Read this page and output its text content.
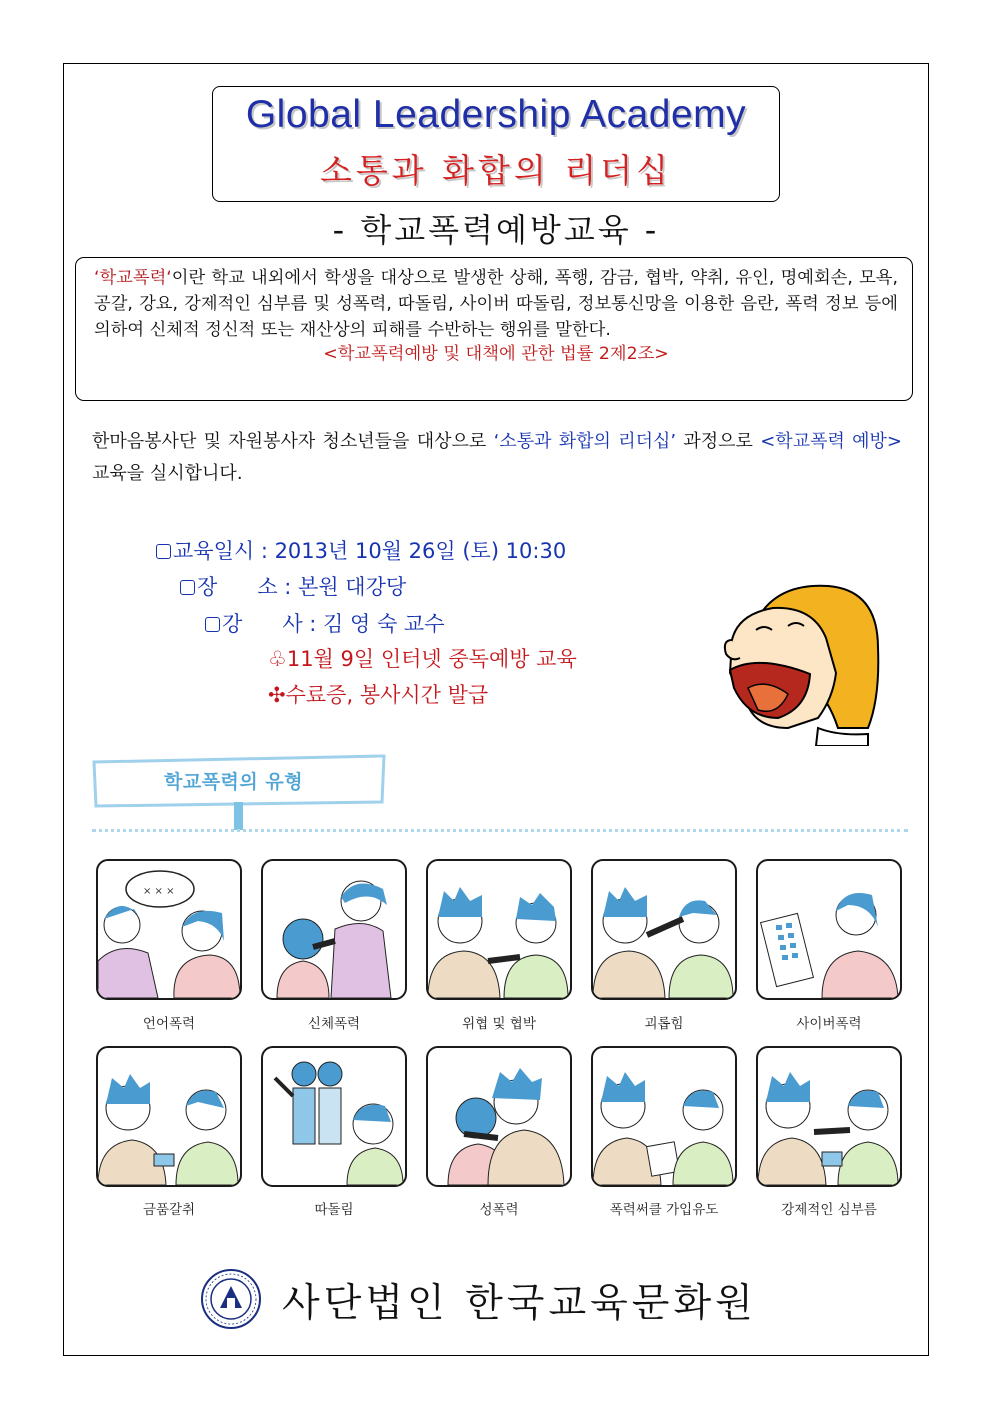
Global Leadership Academy
소통과 화합의 리더십
- 학교폭력예방교육 -
‘학교폭력‘이란 학교 내외에서 학생을 대상으로 발생한 상해, 폭행, 감금, 협박, 약취, 유인, 명예회손, 모욕, 공갈, 강요, 강제적인 심부름 및 성폭력, 따돌림, 사이버 따돌림, 정보통신망을 이용한 음란, 폭력 정보 등에 의하여 신체적 정신적 또는 재산상의 피해를 수반하는 행위를 말한다.
<학교폭력예방 및 대책에 관한 법률 2제2조>
한마음봉사단 및 자원봉사자 청소년들을 대상으로 ‘소통과 화합의 리더십’ 과정으로 <학교폭력 예방>교육을 실시합니다.
교육일시 : 2013년 10월 26일 (토) 10:30
장      소 : 본원 대강당
강      사 : 김 영 숙 교수
♧11월 9일 인터넷 중독예방 교육
✣수료증, 봉사시간 발급
학교폭력의 유형
× × ×
언어폭력	신체폭력	위협 및 협박	괴롭힘	사이버폭력
금품갈취	따돌림	성폭력	폭력써클 가입유도	강제적인 심부름
사단법인 한국교육문화원
